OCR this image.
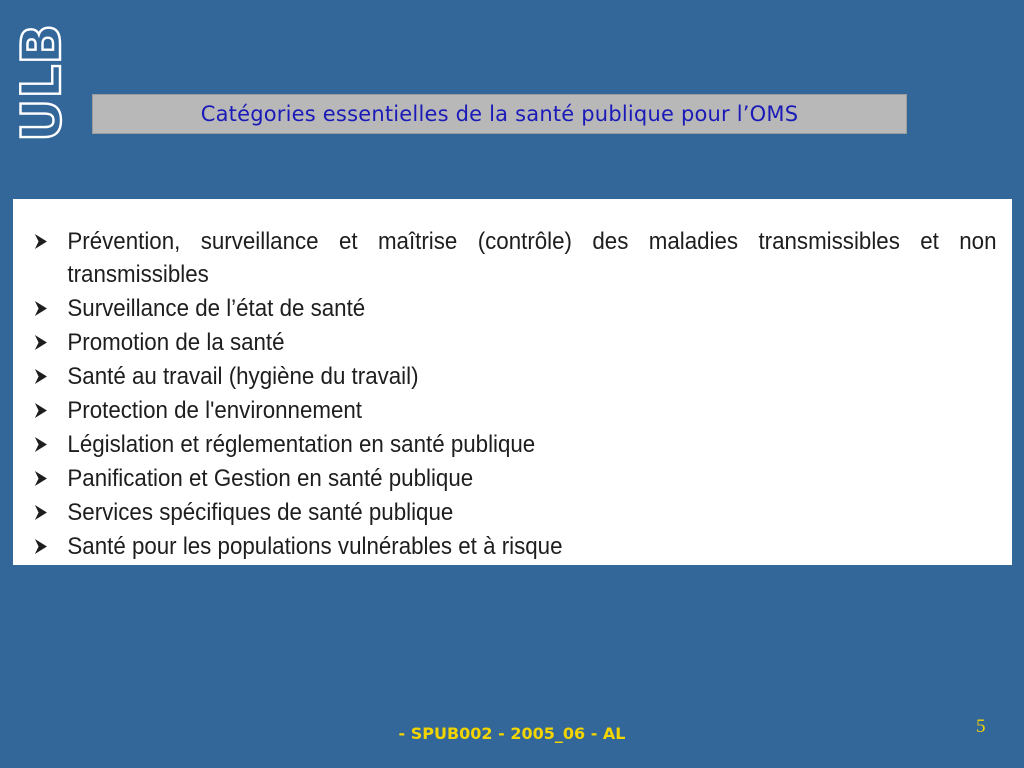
ULB	Catégories essentielles de la santé publique pour l’OMS
Prévention, surveillance et maîtrise (contrôle) des maladies transmissibles et non transmissibles
Surveillance de l’état de santé
Promotion de la santé
Santé au travail (hygiène du travail)
Protection de l'environnement
Législation et réglementation en santé publique
Panification et Gestion en santé publique
Services spécifiques de santé publique
Santé pour les populations vulnérables et à risque
- SPUB002 - 2005_06 - AL	5
